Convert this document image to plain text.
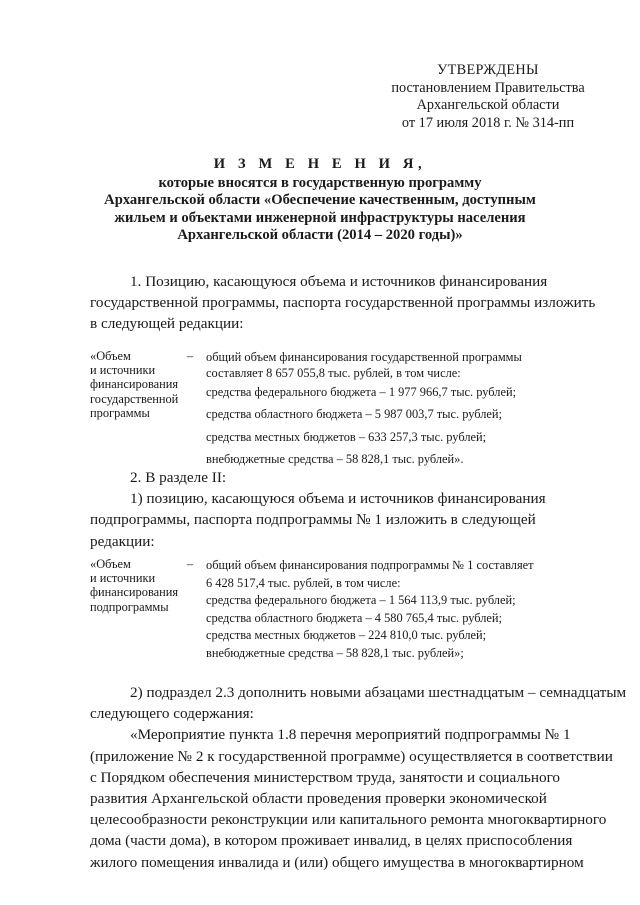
УТВЕРЖДЕНЫ
постановлением Правительства
Архангельской области
от 17 июля 2018 г. № 314-пп
И З М Е Н Е Н И Я,
которые вносятся в государственную программу
Архангельской области «Обеспечение качественным, доступным
жильем и объектами инженерной инфраструктуры населения
Архангельской области (2014 – 2020 годы)»
1. Позицию, касающуюся объема и источников финансирования
государственной программы, паспорта государственной программы изложить
в следующей редакции:
«Объем
и источники
финансирования
государственной
программы
– общий объем финансирования государственной программы
составляет 8 657 055,8 тыс. рублей, в том числе:
средства федерального бюджета – 1 977 966,7 тыс. рублей;
средства областного бюджета – 5 987 003,7 тыс. рублей;
средства местных бюджетов – 633 257,3 тыс. рублей;
внебюджетные средства – 58 828,1 тыс. рублей».
2. В разделе II:
1) позицию, касающуюся объема и источников финансирования
подпрограммы, паспорта подпрограммы № 1 изложить в следующей
редакции:
«Объем
и источники
финансирования
подпрограммы
– общий объем финансирования подпрограммы № 1 составляет
6 428 517,4 тыс. рублей, в том числе:
средства федерального бюджета – 1 564 113,9 тыс. рублей;
средства областного бюджета – 4 580 765,4 тыс. рублей;
средства местных бюджетов – 224 810,0 тыс. рублей;
внебюджетные средства – 58 828,1 тыс. рублей»;
2) подраздел 2.3 дополнить новыми абзацами шестнадцатым – семнадцатым
следующего содержания:
«Мероприятие пункта 1.8 перечня мероприятий подпрограммы № 1
(приложение № 2 к государственной программе) осуществляется в соответствии
с Порядком обеспечения министерством труда, занятости и социального
развития Архангельской области проведения проверки экономической
целесообразности реконструкции или капитального ремонта многоквартирного
дома (части дома), в котором проживает инвалид, в целях приспособления
жилого помещения инвалида и (или) общего имущества в многоквартирном
